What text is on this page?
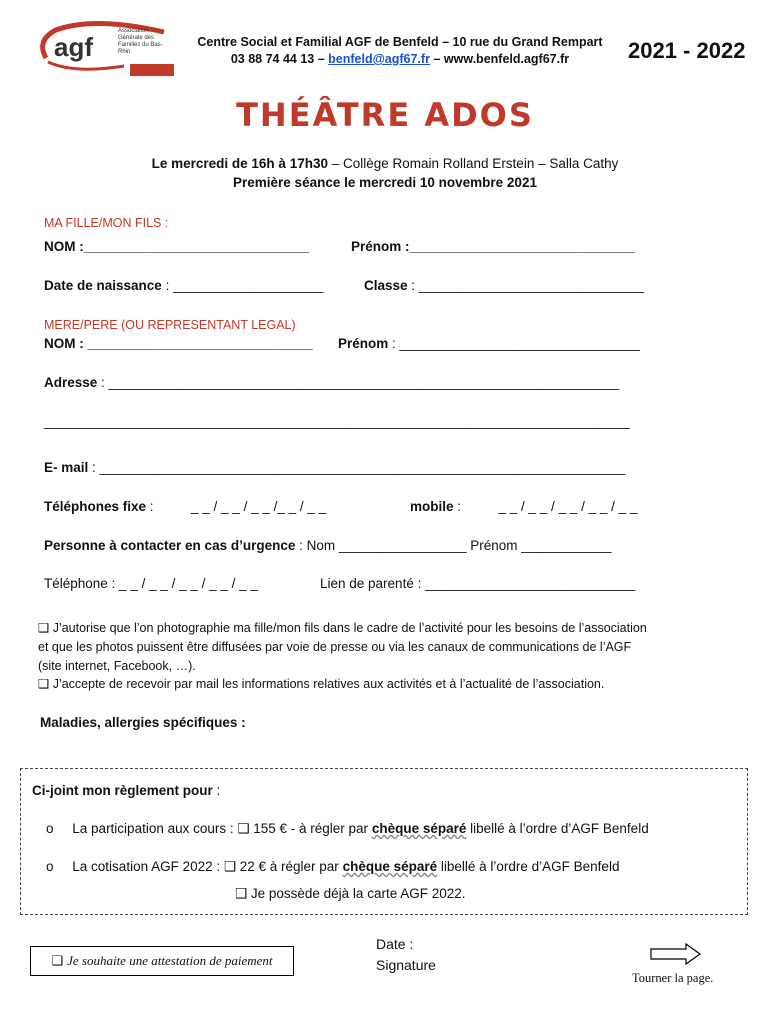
agf
Association Générale des Familles du Bas-Rhin
Centre Social et Familial AGF de Benfeld – 10 rue du Grand Rempart
03 88 74 44 13 – benfeld@agf67.fr – www.benfeld.agf67.fr	2021 - 2022
THÉÂTRE ADOS
Le mercredi de 16h à 17h30 – Collège Romain Rolland Erstein – Salla Cathy
Première séance le mercredi 10 novembre 2021
MA FILLE/MON FILS :
NOM :______________________________	Prénom :______________________________
Date de naissance : ____________________	Classe : ______________________________
MERE/PERE (OU REPRESENTANT LEGAL)
NOM : ______________________________ Prénom : ________________________________
Adresse : ____________________________________________________________________
______________________________________________________________________________
E- mail : ______________________________________________________________________
Téléphones fixe :          _ _ / _ _ / _ _ /_ _ / _ _	mobile :          _ _ / _ _ / _ _ / _ _ / _ _
Personne à contacter en cas d’urgence : Nom _________________ Prénom ____________
Téléphone : _ _ / _ _ / _ _ / _ _ / _ _	Lien de parenté : ____________________________
❑ J’autorise que l’on photographie ma fille/mon fils dans le cadre de l’activité pour les besoins de l’association
et que les photos puissent être diffusées par voie de presse ou via les canaux de communications de l’AGF
(site internet, Facebook, …).
❑ J’accepte de recevoir par mail les informations relatives aux activités et à l’actualité de l’association.
Maladies, allergies spécifiques :
Ci-joint mon règlement pour :
o La participation aux cours : ❑ 155 € - à régler par chèque séparé libellé à l’ordre d’AGF Benfeld
o La cotisation AGF 2022 : ❑ 22 € à régler par chèque séparé libellé à l’ordre d’AGF Benfeld
❑ Je possède déjà la carte AGF 2022.
❑ Je souhaite une attestation de paiement
Date :
Signature
Tourner la page.
